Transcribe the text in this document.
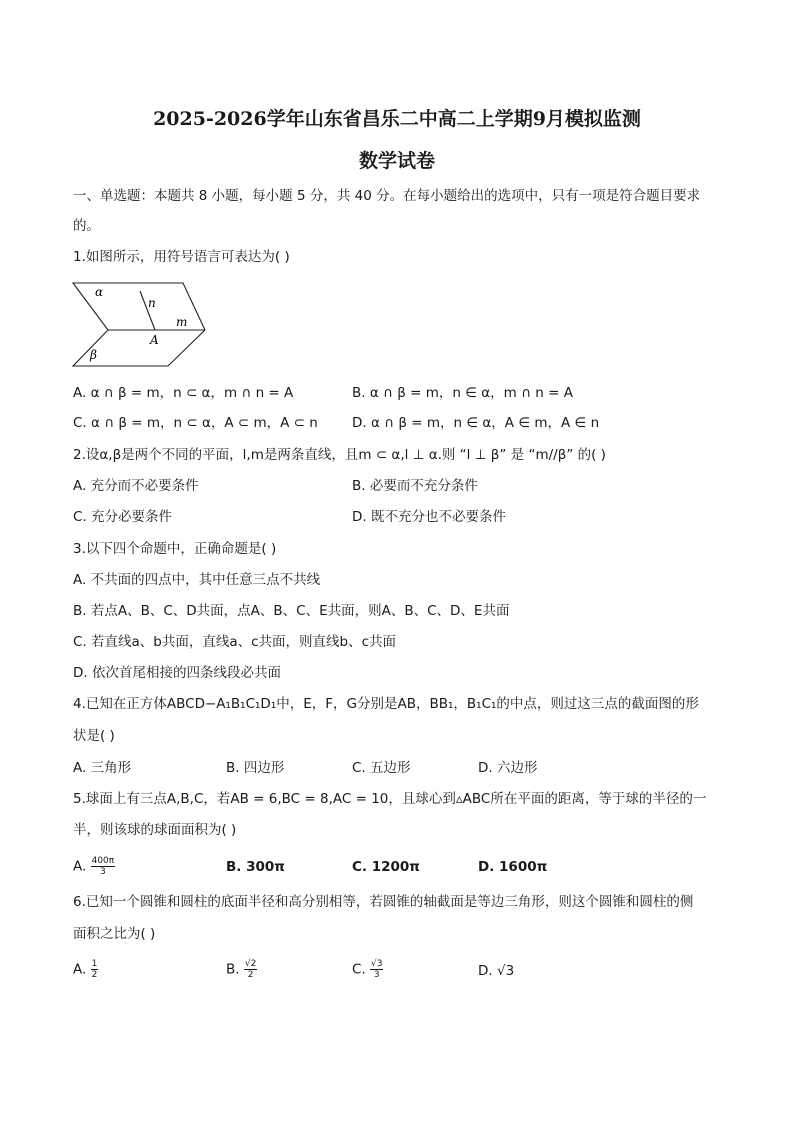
2025-2026学年山东省昌乐二中高二上学期9月模拟监测
数学试卷
一、单选题：本题共 8 小题，每小题 5 分，共 40 分。在每小题给出的选项中，只有一项是符合题目要求
的。
1.如图所示，用符号语言可表达为( )
α
n
m
A
β
A. α ∩ β = m，n ⊂ α，m ∩ n = A	B. α ∩ β = m，n ∈ α，m ∩ n = A
C. α ∩ β = m，n ⊂ α，A ⊂ m，A ⊂ n	D. α ∩ β = m，n ∈ α，A ∈ m，A ∈ n
2.设α,β是两个不同的平面，l,m是两条直线，且m ⊂ α,l ⊥ α.则 “l ⊥ β” 是 “m//β” 的( )
A. 充分而不必要条件	B. 必要而不充分条件
C. 充分必要条件	D. 既不充分也不必要条件
3.以下四个命题中，正确命题是( )
A. 不共面的四点中，其中任意三点不共线
B. 若点A、B、C、D共面，点A、B、C、E共面，则A、B、C、D、E共面
C. 若直线a、b共面，直线a、c共面，则直线b、c共面
D. 依次首尾相接的四条线段必共面
4.已知在正方体ABCD−A₁B₁C₁D₁中，E，F，G分别是AB，BB₁，B₁C₁的中点，则过这三点的截面图的形
状是( )
A. 三角形	B. 四边形	C. 五边形	D. 六边形
5.球面上有三点A,B,C，若AB = 6,BC = 8,AC = 10，且球心到▵ABC所在平面的距离，等于球的半径的一
半，则该球的球面面积为( )
A. $\frac{400\pi}{3}$	B. 300π	C. 1200π	D. 1600π
6.已知一个圆锥和圆柱的底面半径和高分别相等，若圆锥的轴截面是等边三角形，则这个圆锥和圆柱的侧
面积之比为( )
A. $\frac{1}{2}$	B. $\frac{√2}{2}$	C. $\frac{√3}{3}$	D. √3
